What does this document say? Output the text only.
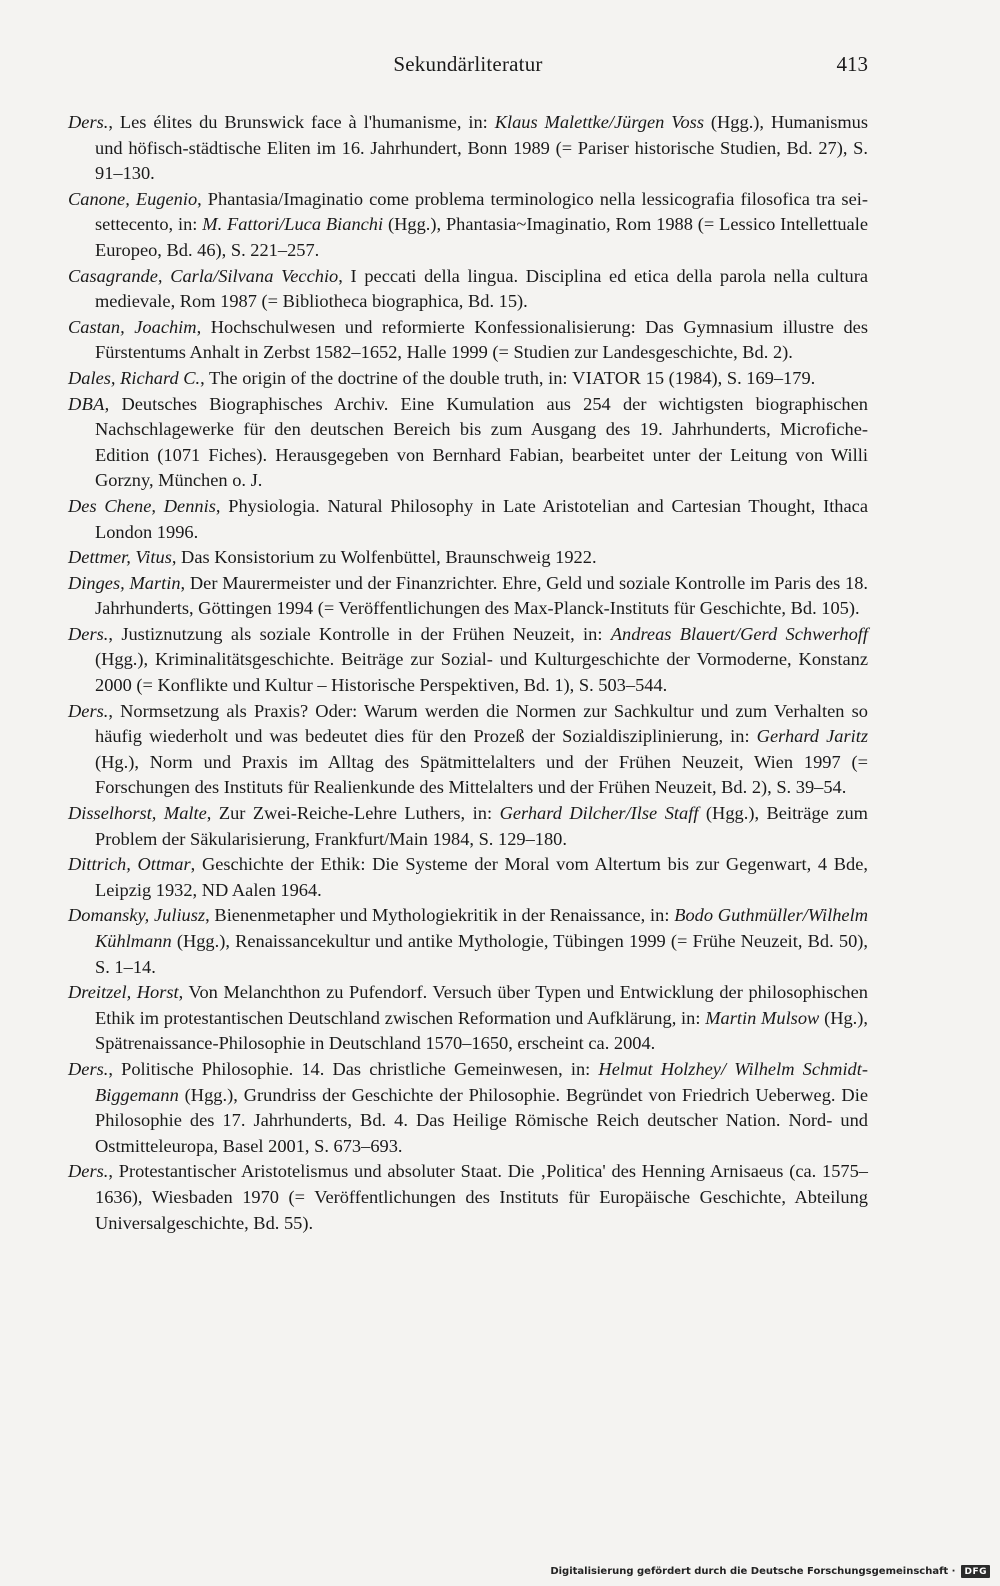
Sekundärliteratur	413

Ders., Les élites du Brunswick face à l'humanisme, in: Klaus Malettke/Jürgen Voss (Hgg.), Humanismus und höfisch-städtische Eliten im 16. Jahrhundert, Bonn 1989 (= Pariser historische Studien, Bd. 27), S. 91–130.

Canone, Eugenio, Phantasia/Imaginatio come problema terminologico nella lessicografia filosofica tra sei-settecento, in: M. Fattori/Luca Bianchi (Hgg.), Phantasia~Imaginatio, Rom 1988 (= Lessico Intellettuale Europeo, Bd. 46), S. 221–257.

Casagrande, Carla/Silvana Vecchio, I peccati della lingua. Disciplina ed etica della parola nella cultura medievale, Rom 1987 (= Bibliotheca biographica, Bd. 15).

Castan, Joachim, Hochschulwesen und reformierte Konfessionalisierung: Das Gymnasium illustre des Fürstentums Anhalt in Zerbst 1582–1652, Halle 1999 (= Studien zur Landesgeschichte, Bd. 2).

Dales, Richard C., The origin of the doctrine of the double truth, in: VIATOR 15 (1984), S. 169–179.

DBA, Deutsches Biographisches Archiv. Eine Kumulation aus 254 der wichtigsten biographischen Nachschlagewerke für den deutschen Bereich bis zum Ausgang des 19. Jahrhunderts, Microfiche-Edition (1071 Fiches). Herausgegeben von Bernhard Fabian, bearbeitet unter der Leitung von Willi Gorzny, München o. J.

Des Chene, Dennis, Physiologia. Natural Philosophy in Late Aristotelian and Cartesian Thought, Ithaca London 1996.

Dettmer, Vitus, Das Konsistorium zu Wolfenbüttel, Braunschweig 1922.

Dinges, Martin, Der Maurermeister und der Finanzrichter. Ehre, Geld und soziale Kontrolle im Paris des 18. Jahrhunderts, Göttingen 1994 (= Veröffentlichungen des Max-Planck-Instituts für Geschichte, Bd. 105).

Ders., Justiznutzung als soziale Kontrolle in der Frühen Neuzeit, in: Andreas Blauert/Gerd Schwerhoff (Hgg.), Kriminalitätsgeschichte. Beiträge zur Sozial- und Kulturgeschichte der Vormoderne, Konstanz 2000 (= Konflikte und Kultur – Historische Perspektiven, Bd. 1), S. 503–544.

Ders., Normsetzung als Praxis? Oder: Warum werden die Normen zur Sachkultur und zum Verhalten so häufig wiederholt und was bedeutet dies für den Prozeß der Sozialdisziplinierung, in: Gerhard Jaritz (Hg.), Norm und Praxis im Alltag des Spätmittelalters und der Frühen Neuzeit, Wien 1997 (= Forschungen des Instituts für Realienkunde des Mittelalters und der Frühen Neuzeit, Bd. 2), S. 39–54.

Disselhorst, Malte, Zur Zwei-Reiche-Lehre Luthers, in: Gerhard Dilcher/Ilse Staff (Hgg.), Beiträge zum Problem der Säkularisierung, Frankfurt/Main 1984, S. 129–180.

Dittrich, Ottmar, Geschichte der Ethik: Die Systeme der Moral vom Altertum bis zur Gegenwart, 4 Bde, Leipzig 1932, ND Aalen 1964.

Domansky, Juliusz, Bienenmetapher und Mythologiekritik in der Renaissance, in: Bodo Guthmüller/Wilhelm Kühlmann (Hgg.), Renaissancekultur und antike Mythologie, Tübingen 1999 (= Frühe Neuzeit, Bd. 50), S. 1–14.

Dreitzel, Horst, Von Melanchthon zu Pufendorf. Versuch über Typen und Entwicklung der philosophischen Ethik im protestantischen Deutschland zwischen Reformation und Aufklärung, in: Martin Mulsow (Hg.), Spätrenaissance-Philosophie in Deutschland 1570–1650, erscheint ca. 2004.

Ders., Politische Philosophie. 14. Das christliche Gemeinwesen, in: Helmut Holzhey/ Wilhelm Schmidt-Biggemann (Hgg.), Grundriss der Geschichte der Philosophie. Begründet von Friedrich Ueberweg. Die Philosophie des 17. Jahrhunderts, Bd. 4. Das Heilige Römische Reich deutscher Nation. Nord- und Ostmitteleuropa, Basel 2001, S. 673–693.

Ders., Protestantischer Aristotelismus und absoluter Staat. Die ‚Politica' des Henning Arnisaeus (ca. 1575–1636), Wiesbaden 1970 (= Veröffentlichungen des Instituts für Europäische Geschichte, Abteilung Universalgeschichte, Bd. 55).

Digitalisierung gefördert durch die Deutsche Forschungsgemeinschaft ·	DFG
